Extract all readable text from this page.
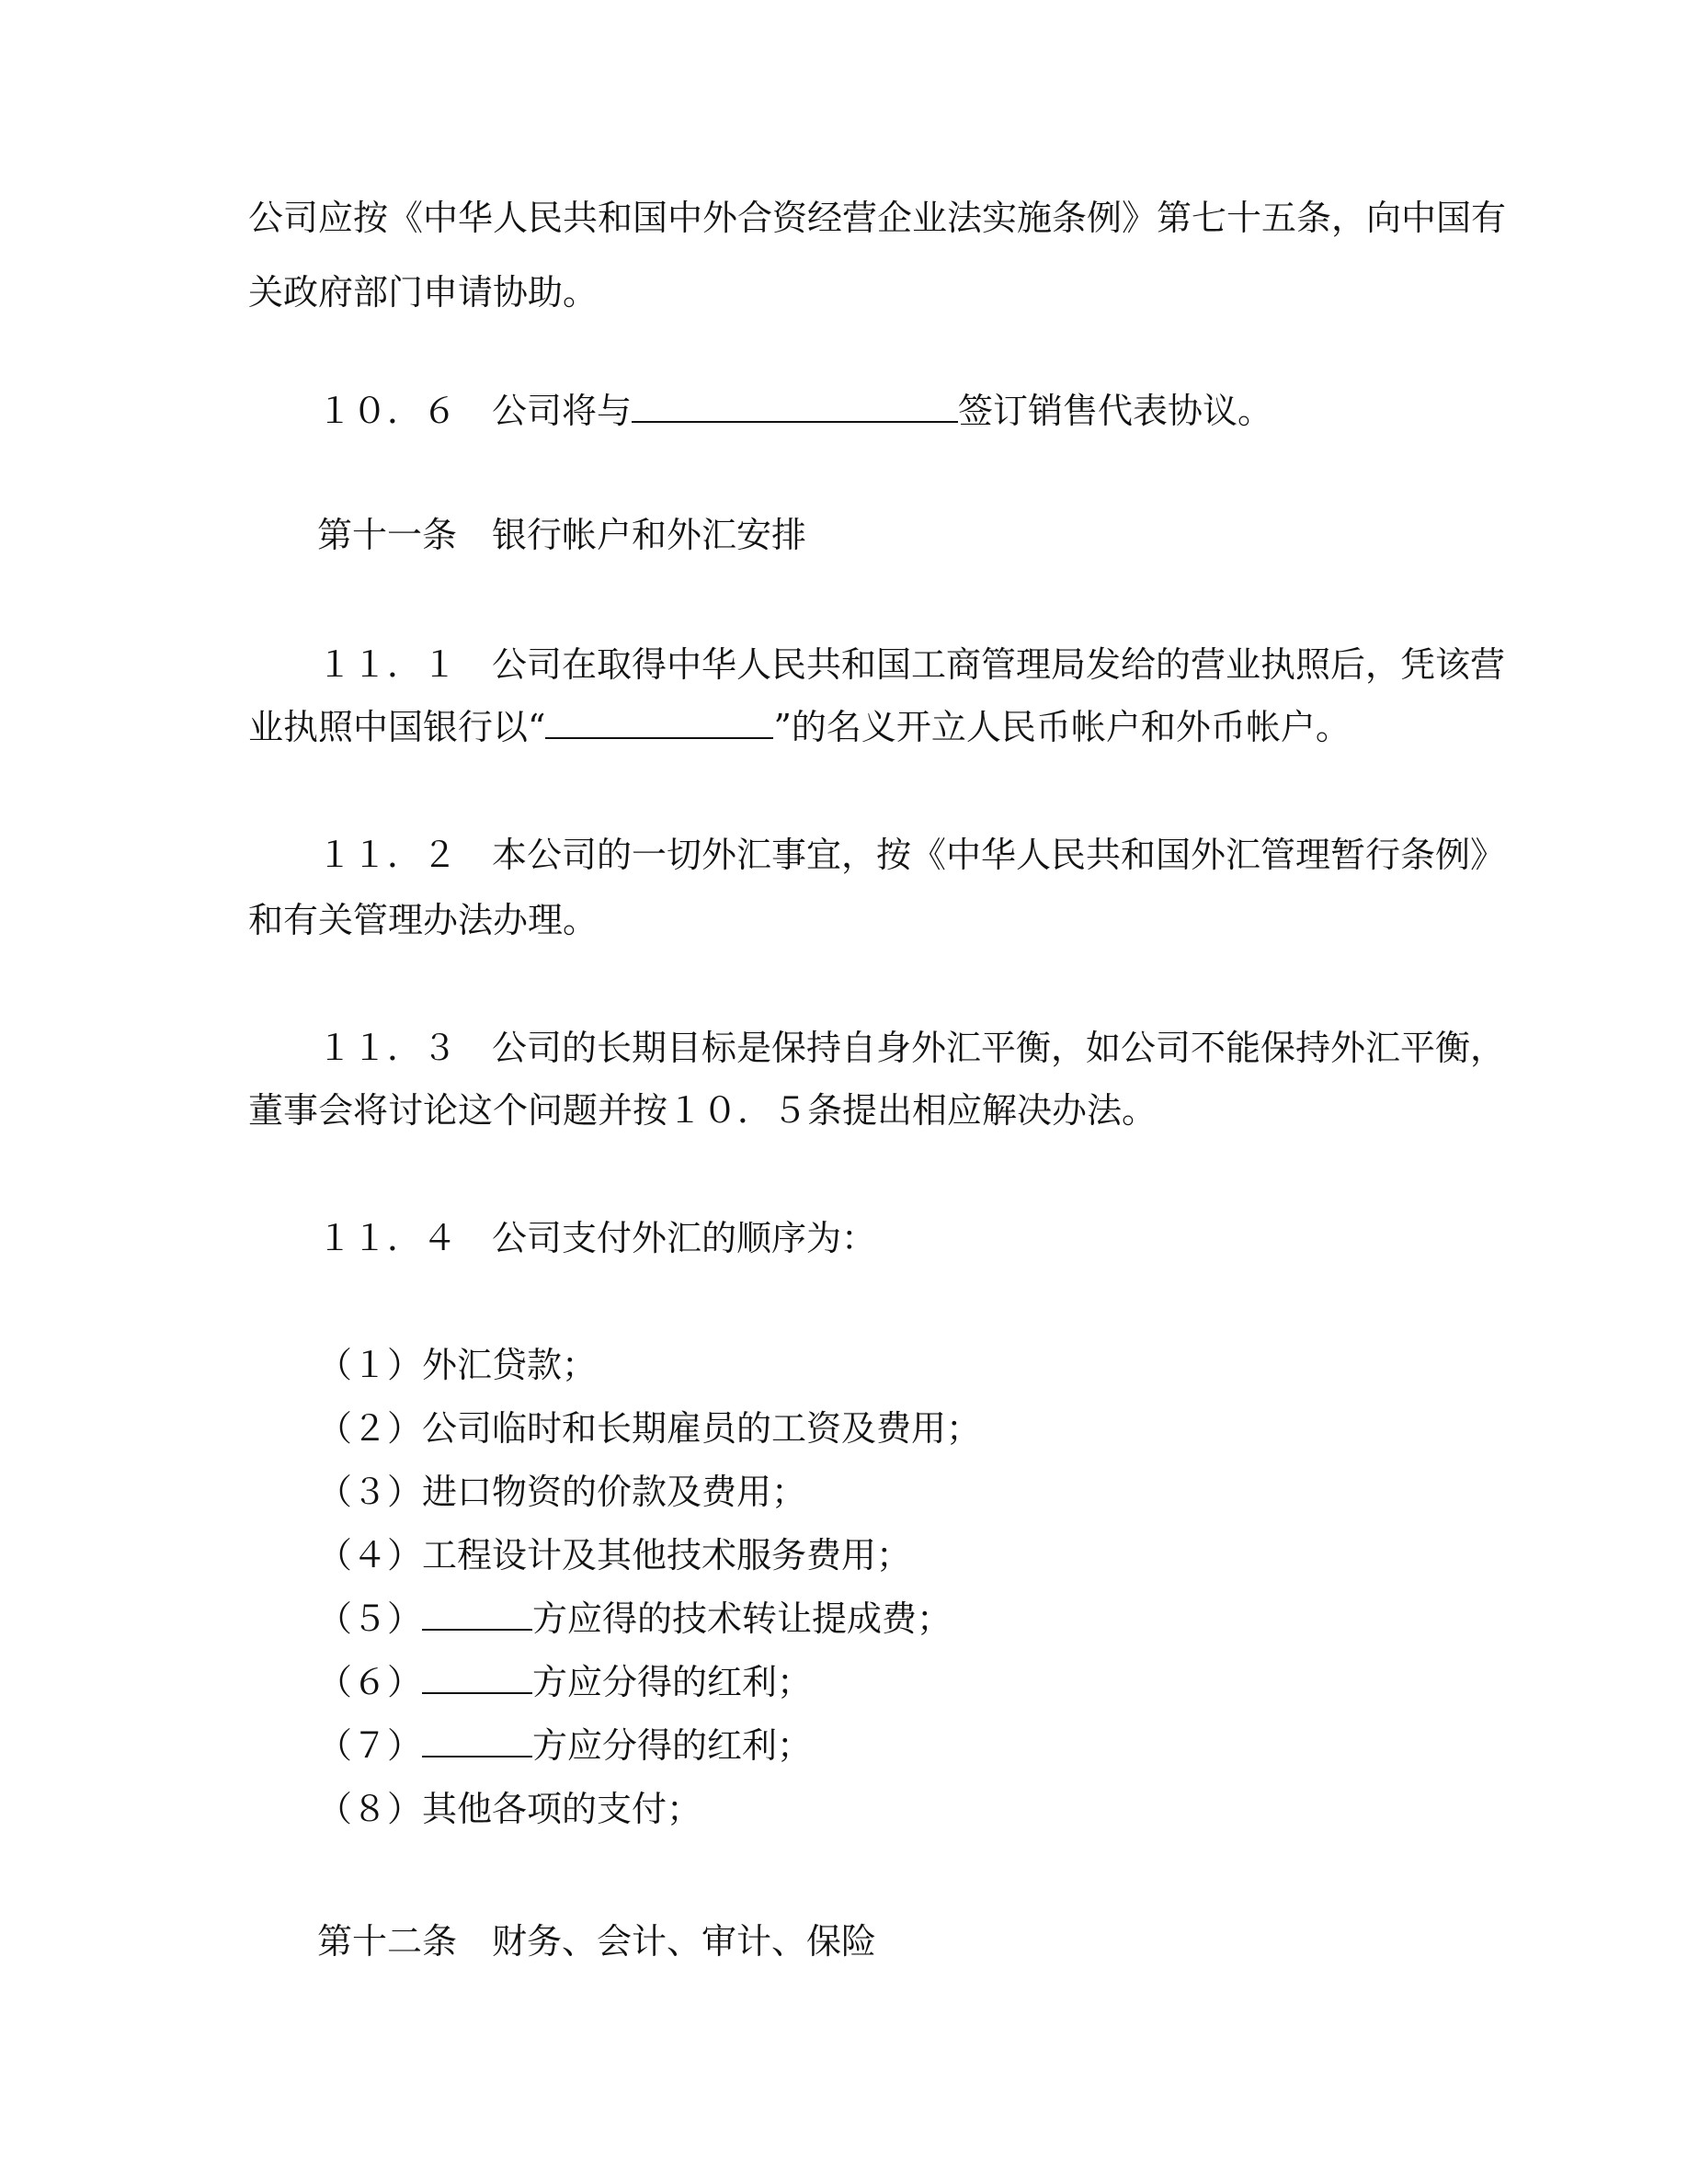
公司应按《中华人民共和国中外合资经营企业法实施条例》第七十五条，向中国有
关政府部门申请协助。
１０．６　公司将与	签订销售代表协议。
第十一条　银行帐户和外汇安排
１１．１　公司在取得中华人民共和国工商管理局发给的营业执照后，凭该营
业执照中国银行以“	”的名义开立人民币帐户和外币帐户。
１１．２　本公司的一切外汇事宜，按《中华人民共和国外汇管理暂行条例》
和有关管理办法办理。
１１．３　公司的长期目标是保持自身外汇平衡，如公司不能保持外汇平衡，
董事会将讨论这个问题并按１０．５条提出相应解决办法。
１１．４　公司支付外汇的顺序为：
（１）外汇贷款；
（２）公司临时和长期雇员的工资及费用；
（３）进口物资的价款及费用；
（４）工程设计及其他技术服务费用；
（５）	方应得的技术转让提成费；
（６）	方应分得的红利；
（７）	方应分得的红利；
（８）其他各项的支付；
第十二条　财务、会计、审计、保险
